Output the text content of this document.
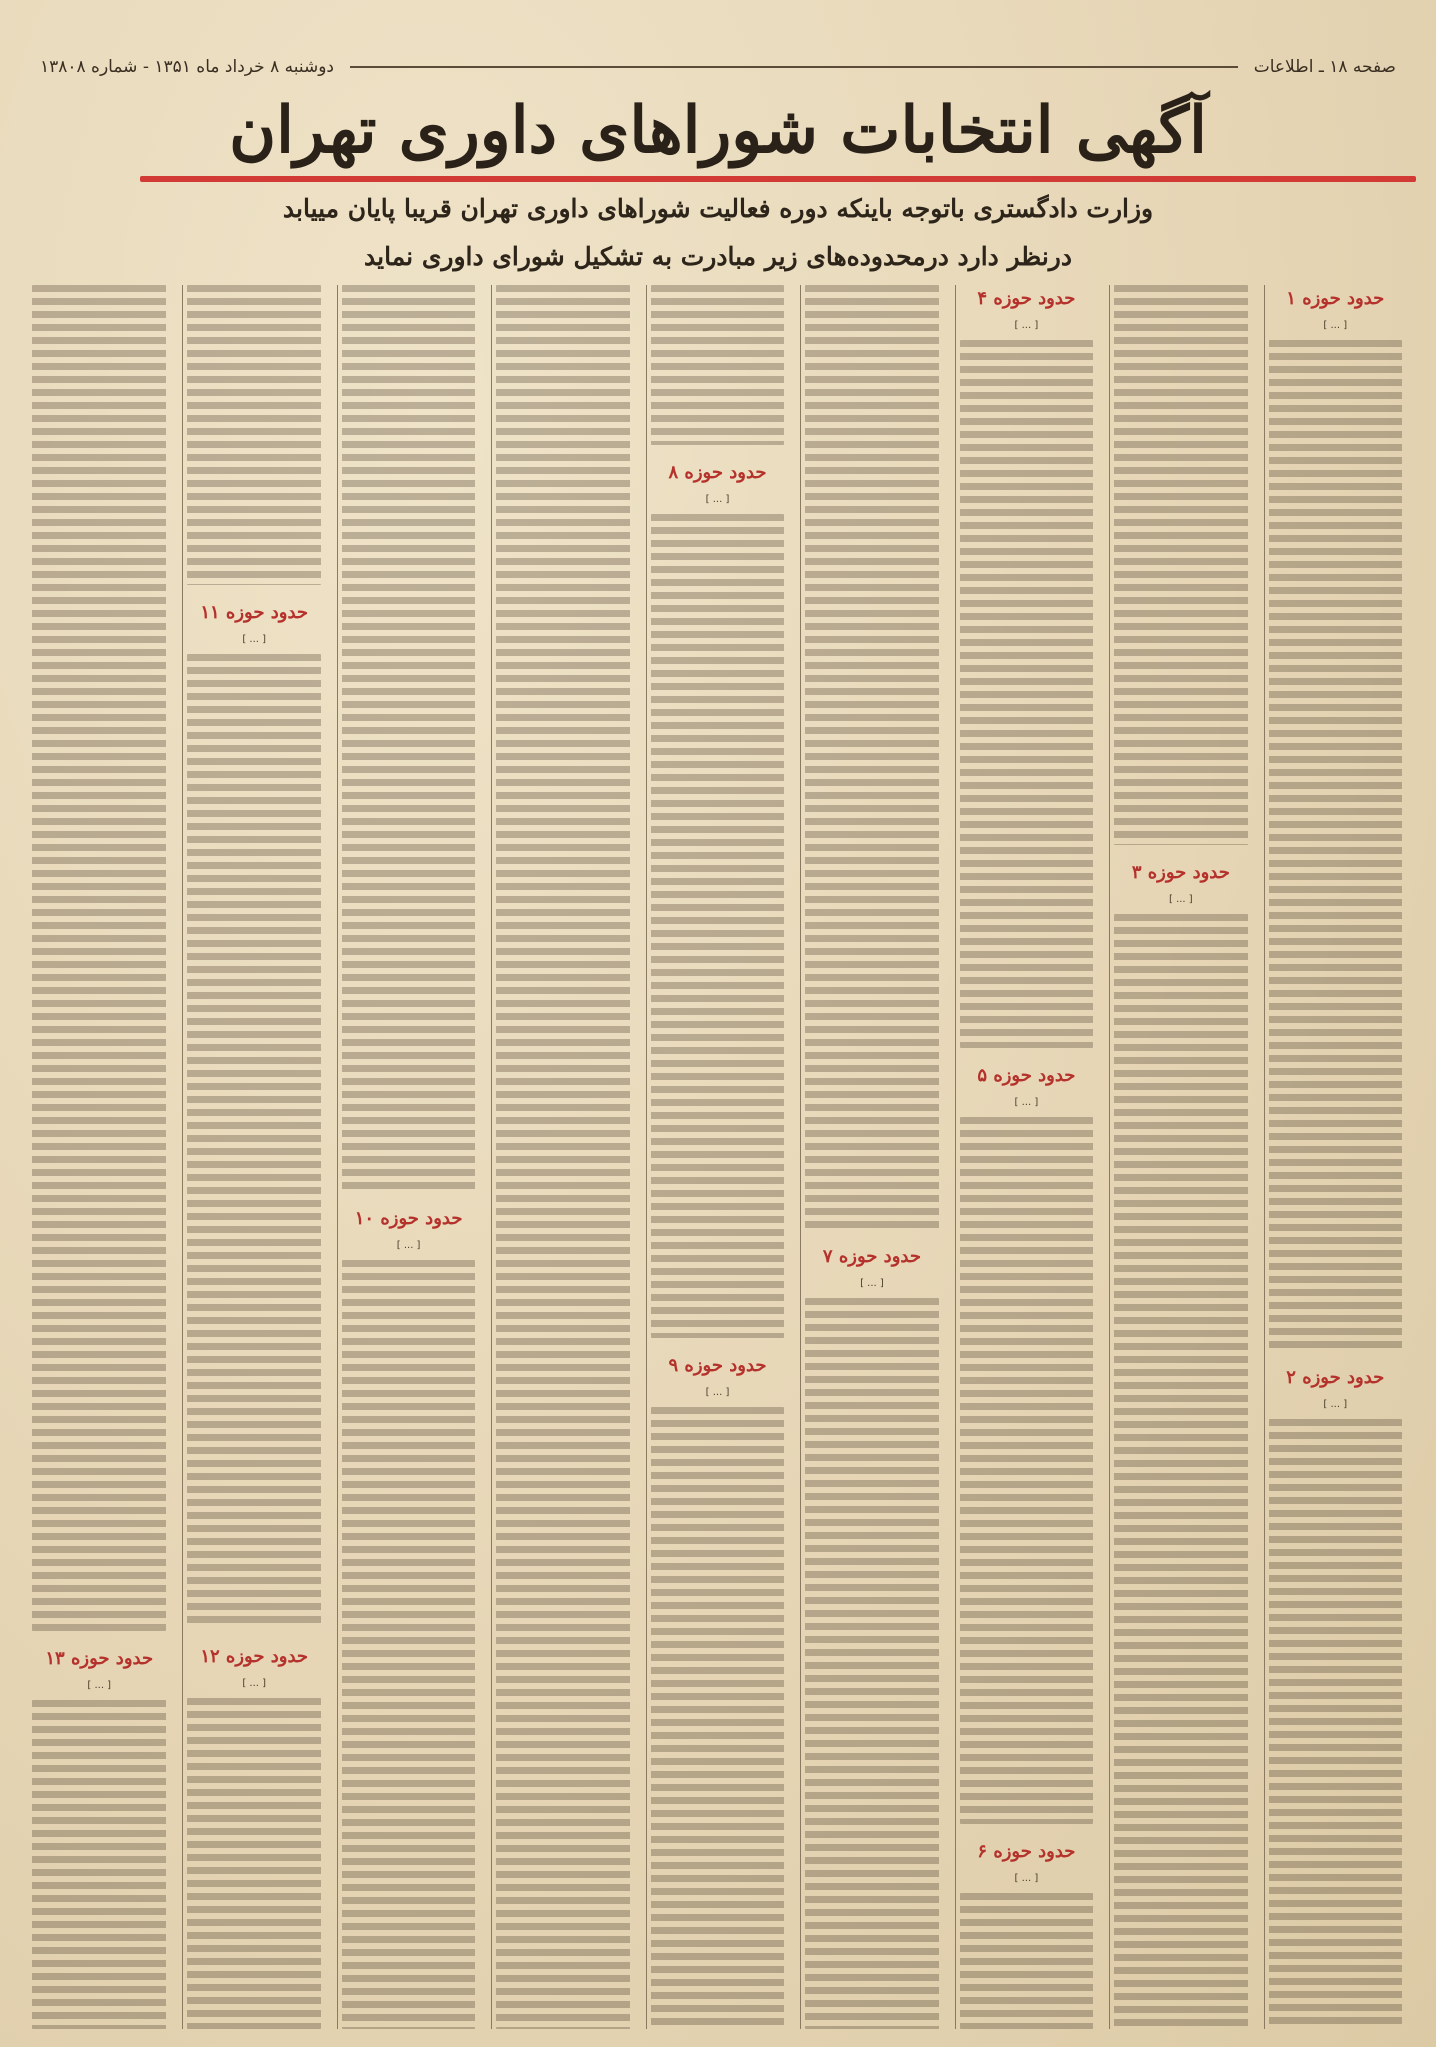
صفحه ۱۸ ـ اطلاعات
دوشنبه ۸ خرداد ماه ۱۳۵۱ - شماره ۱۳۸۰۸
آگهی انتخابات شوراهای داوری تهران
وزارت دادگستری باتوجه باینکه دوره فعالیت شوراهای داوری تهران قریبا پایان مییابد
درنظر دارد درمحدوده‌های زیر مبادرت به تشکیل شورای داوری نماید
حدود حوزه ۱
[ ... ]
حدود حوزه ۲
[ ... ]
حدود حوزه ۳
[ ... ]
حدود حوزه ۴
[ ... ]
حدود حوزه ۵
[ ... ]
حدود حوزه ۶
[ ... ]
حدود حوزه ۷
[ ... ]
حدود حوزه ۸
[ ... ]
حدود حوزه ۹
[ ... ]
حدود حوزه ۱۰
[ ... ]
حدود حوزه ۱۱
[ ... ]
حدود حوزه ۱۲
[ ... ]
حدود حوزه ۱۳
[ ... ]
